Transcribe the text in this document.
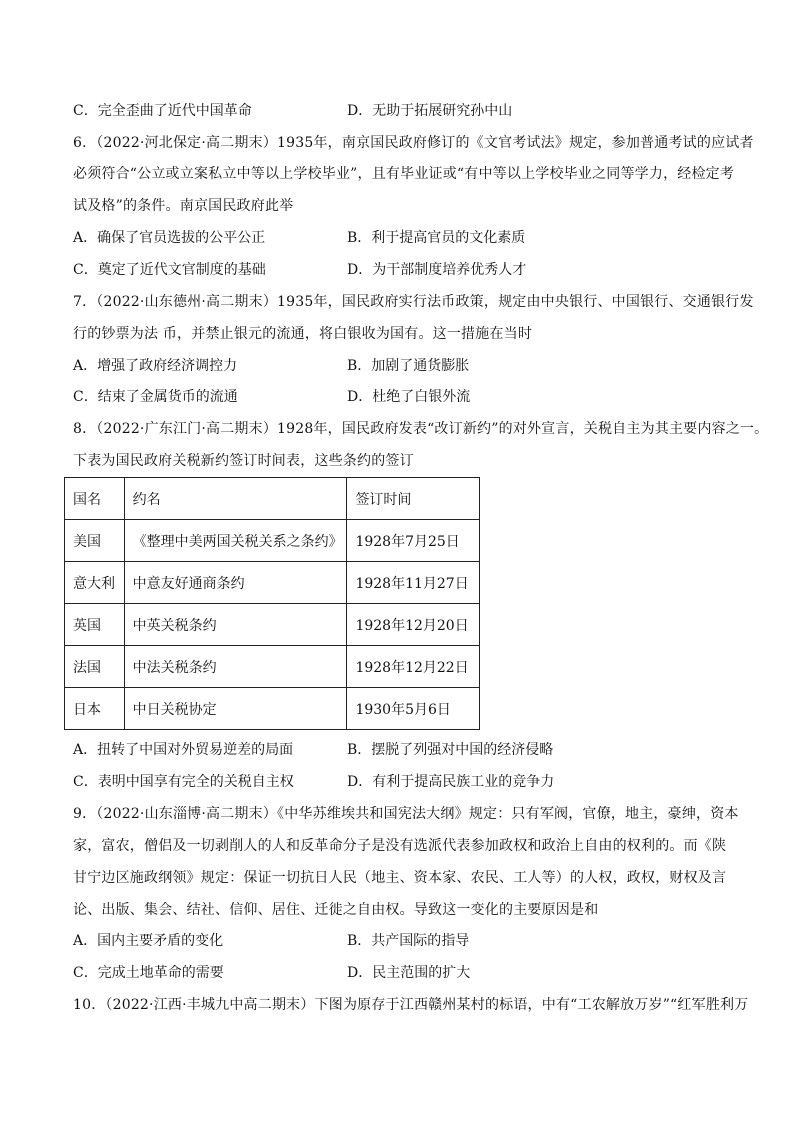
C．完全歪曲了近代中国革命	D．无助于拓展研究孙中山
6．（2022·河北保定·高二期末）1935年，南京国民政府修订的《文官考试法》规定，参加普通考试的应试者
必须符合“公立或立案私立中等以上学校毕业”，且有毕业证或“有中等以上学校毕业之同等学力，经检定考
试及格”的条件。南京国民政府此举
A．确保了官员选拔的公平公正	B．利于提高官员的文化素质
C．奠定了近代文官制度的基础	D．为干部制度培养优秀人才
7．（2022·山东德州·高二期末）1935年，国民政府实行法币政策，规定由中央银行、中国银行、交通银行发
行的钞票为法 币，并禁止银元的流通，将白银收为国有。这一措施在当时
A．增强了政府经济调控力	B．加剧了通货膨胀
C．结束了金属货币的流通	D．杜绝了白银外流
8．（2022·广东江门·高二期末）1928年，国民政府发表“改订新约”的对外宣言，关税自主为其主要内容之一。
下表为国民政府关税新约签订时间表，这些条约的签订
国名	约名	签订时间
美国	《整理中美两国关税关系之条约》	1928年7月25日
意大利	中意友好通商条约	1928年11月27日
英国	中英关税条约	1928年12月20日
法国	中法关税条约	1928年12月22日
日本	中日关税协定	1930年5月6日
A．扭转了中国对外贸易逆差的局面	B．摆脱了列强对中国的经济侵略
C．表明中国享有完全的关税自主权	D．有利于提高民族工业的竞争力
9．（2022·山东淄博·高二期末）《中华苏维埃共和国宪法大纲》规定：只有军阀，官僚，地主，豪绅，资本
家，富农，僧侣及一切剥削人的人和反革命分子是没有选派代表参加政权和政治上自由的权利的。而《陕
甘宁边区施政纲领》规定：保证一切抗日人民（地主、资本家、农民、工人等）的人权，政权，财权及言
论、出版、集会、结社、信仰、居住、迁徙之自由权。导致这一变化的主要原因是和
A．国内主要矛盾的变化	B．共产国际的指导
C．完成土地革命的需要	D．民主范围的扩大
10．（2022·江西·丰城九中高二期末）下图为原存于江西赣州某村的标语，中有“工农解放万岁”“红军胜利万
